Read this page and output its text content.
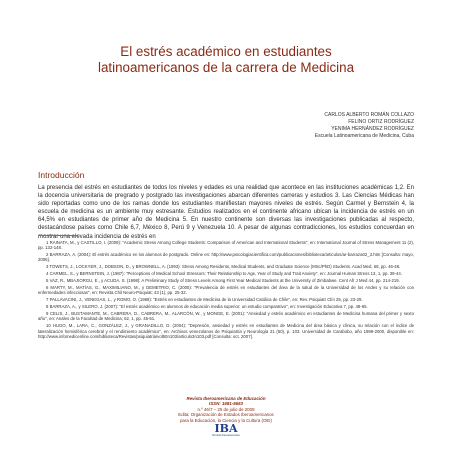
El estrés académico en estudiantes
latinoamericanos de la carrera de Medicina
CARLOS ALBERTO ROMÁN COLLAZO
FELINO ORTIZ RODRÍGUEZ
YENIMA HERNÁNDEZ RODRÍGUEZ
Escuela Latinoamericana de Medicina, Cuba
Introducción

La presencia del estrés en estudiantes de todos los niveles y edades es una realidad que acontece en las instituciones académicas 1,2. En la docencia universitaria de pregrado y postgrado las investigaciones abarcan diferentes carreras y estudios 3. Las Ciencias Médicas han sido reportadas como uno de los ramas donde los estudiantes manifiestan mayores niveles de estrés. Según Carmel y Bernstein 4, la escuela de medicina es un ambiente muy estresante. Estudios realizados en el continente africano ubican la incidencia de estrés en un 64,5% en estudiantes de primer año de Medicina 5. En nuestro continente son diversas las investigaciones publicadas al respecto, destacándose países como Chile 6,7, México 8, Perú 9 y Venezuela 10. A pesar de algunas contradicciones, los estudios concuerdan en mostrar una elevada incidencia de estrés en

1 RAINATA, M., y CASTILLO, I. (2008): "Academic Stress Among College Students: Comparison of American and International Students", en: International Journal of Stress Management 11 (2), pp. 132-148.

2 BARRAZA, A. (2004): El estrés académico en los alumnos de postgrado. Online en: http://www.psicologiacientifica.com/publicaciones/biblioteca/articulos/ar-barraza02_3.htm [Consulta: mayo, 2006].

3 TOWETS, J., LOCKYER, J., DOBSON, D., y BROWNELL, A. (1993): Stress Among Residents, Medical Students, and Graduate Science (MSc/PhD) Students. Acad Med, 68, pp. 46-48.

4 CARMEL, S., y BERNSTEIN, J. (1987): "Perceptions of Medical School Stressors: Their Relationship to Age, Year of Study and Trait Anxiety", en: Journal Human Stress 13, 1, pp. 39-44.

5 VAZ, R., MBAJIORGU, E., y ACUDA, S. (1998): A Preliminary Study of Stress Levels Among First Year Medical Students at the University of Zimbabwe. Cent Afr J Med 44, pp. 214-219.

6 MARTY, M., MATÍAS, G., MAXIMILIANO, M., y DEMETRIO, C. (2005): "Prevalencia de estrés en estudiantes del área de la salud de la Universidad de los Andes y su relación con enfermedades infecciosas", en: Revista Chil Neuro-Psiquiat; 43 (1), pp. 25-32.

7 PALLAVACINI, J., VENEGAS, L., y ROMO, O. (1988): "Estrés en estudiantes de Medicina de la Universidad Católica de Chile", en: Rev. Psiquiatr Clín 25, pp. 23-29.

8 BARRAZA, A., y SILERO, J. (2007): "El estrés académico en alumnos de educación media superior: un estudio comparativo", en: Investigación Educativa 7, pp. 48-65.

9 CELIS, J., BUSTAMANTE, M., CABRERA, D., CABRERA, M., ALARCÓN, W., y MONGE, E. (2001): "Ansiedad y estrés académico en estudiantes de Medicina humana del primer y sexto año", en: Anales de la Facultad de Medicina; 62, 1, pp. 45-51.

10 HUGO, M., LARA, C., GONZÁLEZ, J., y GRANADILLO, D. (2004): "Depresión, ansiedad y estrés en estudiantes de Medicina del área básica y clínica, su relación con el índice de lateralización hemisférica cerebral y el rendimiento académico", en: Archivos venezolanos de Psiquiatría y Neurología 21 (50), p. 103. Universidad de Carabobo, año 1999-2000, disponible en: http://www.infomedicenline.com/biblioteca/Revistas/psiquiatria/vol50n103/articulo3n103.pdf [Consulta: oct. 2007].

Revista Iberoamericana de Educación
ISSN: 1681-5653
n.º 46/7 – 25 de julio de 2008
Edita: Organización de Estados Iberoamericanos
para la Educación, la Ciencia y la Cultura (OEI)
IBA
Revista Iberoamericana
